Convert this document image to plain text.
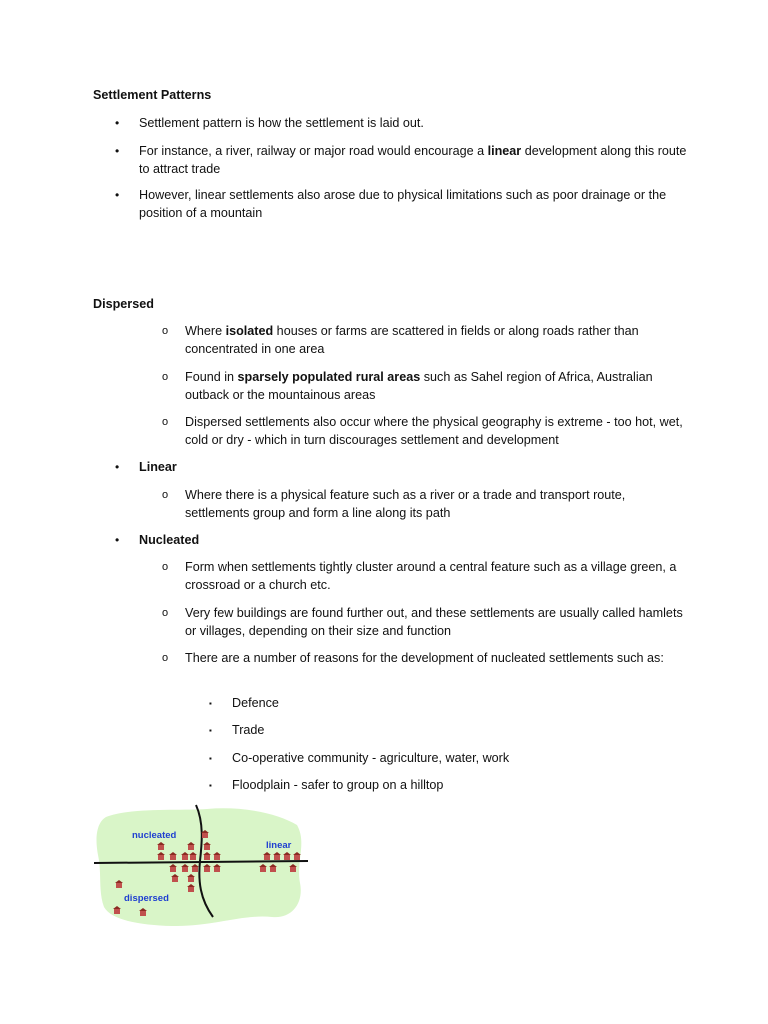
Settlement Patterns
• Settlement pattern is how the settlement is laid out.
• For instance, a river, railway or major road would encourage a linear development along this route to attract trade
• However, linear settlements also arose due to physical limitations such as poor drainage or the position of a mountain
Dispersed
o Where isolated houses or farms are scattered in fields or along roads rather than concentrated in one area
o Found in sparsely populated rural areas such as Sahel region of Africa, Australian outback or the mountainous areas
o Dispersed settlements also occur where the physical geography is extreme - too hot, wet, cold or dry - which in turn discourages settlement and development
• Linear
o Where there is a physical feature such as a river or a trade and transport route, settlements group and form a line along its path
• Nucleated
o Form when settlements tightly cluster around a central feature such as a village green, a crossroad or a church etc.
o Very few buildings are found further out, and these settlements are usually called hamlets or villages, depending on their size and function
o There are a number of reasons for the development of nucleated settlements such as:
▪ Defence
▪ Trade
▪ Co-operative community - agriculture, water, work
▪ Floodplain - safer to group on a hilltop
nucleated
linear
dispersed
